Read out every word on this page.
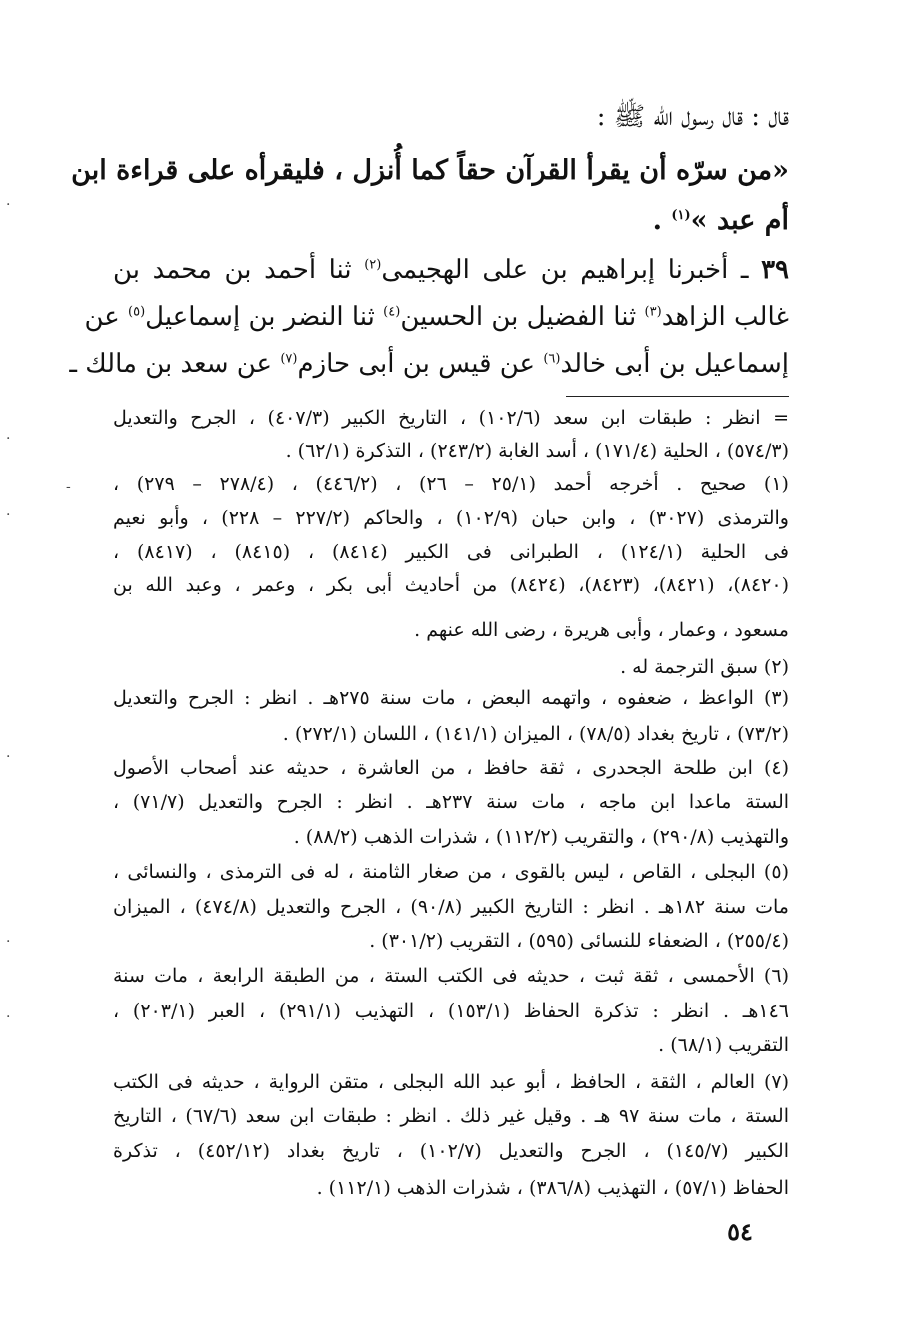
قال : قال رسول الله ﷺ :
«من سرّه أن يقرأ القرآن حقاً كما أُنزل ، فليقرأه على قراءة ابن
أم عبد »$^{(١)}$ .
٣٩ ـ أخبرنا إبراهيم بن على الهجيمى$^{(٢)}$ ثنا أحمد بن محمد بن
غالب الزاهد$^{(٣)}$ ثنا الفضيل بن الحسين$^{(٤)}$ ثنا النضر بن إسماعيل$^{(٥)}$ عن
إسماعيل بن أبى خالد$^{(٦)}$ عن قيس بن أبى حازم$^{(٧)}$ عن سعد بن مالك ـ
= انظر : طبقات ابن سعد (١٠٢/٦) ، التاريخ الكبير (٤٠٧/٣) ، الجرح والتعديل
(٥٧٤/٣) ، الحلية (١٧١/٤) ، أسد الغابة (٢٤٣/٢) ، التذكرة (٦٢/١) .
(١) صحيح . أخرجه أحمد (٢٥/١ – ٢٦) ، (٤٤٦/٢) ، (٢٧٨/٤ – ٢٧٩) ،
والترمذى (٣٠٢٧) ، وابن حبان (١٠٢/٩) ، والحاكم (٢٢٧/٢ – ٢٢٨) ، وأبو نعيم
فى الحلية (١٢٤/١) ، الطبرانى فى الكبير (٨٤١٤) ، (٨٤١٥) ، (٨٤١٧) ،
(٨٤٢٠)، (٨٤٢١)، (٨٤٢٣)، (٨٤٢٤) من أحاديث أبى بكر ، وعمر ، وعبد الله بن
مسعود ، وعمار ، وأبى هريرة ، رضى الله عنهم .
(٢) سبق الترجمة له .
(٣) الواعظ ، ضعفوه ، واتهمه البعض ، مات سنة ٢٧٥هـ . انظر : الجرح والتعديل
(٧٣/٢) ، تاريخ بغداد (٧٨/٥) ، الميزان (١٤١/١) ، اللسان (٢٧٢/١) .
(٤) ابن طلحة الجحدرى ، ثقة حافظ ، من العاشرة ، حديثه عند أصحاب الأصول
الستة ماعدا ابن ماجه ، مات سنة ٢٣٧هـ . انظر : الجرح والتعديل (٧١/٧) ،
والتهذيب (٢٩٠/٨) ، والتقريب (١١٢/٢) ، شذرات الذهب (٨٨/٢) .
(٥) البجلى ، القاص ، ليس بالقوى ، من صغار الثامنة ، له فى الترمذى ، والنسائى ،
مات سنة ١٨٢هـ . انظر : التاريخ الكبير (٩٠/٨) ، الجرح والتعديل (٤٧٤/٨) ، الميزان
(٢٥٥/٤) ، الضعفاء للنسائى (٥٩٥) ، التقريب (٣٠١/٢) .
(٦) الأحمسى ، ثقة ثبت ، حديثه فى الكتب الستة ، من الطبقة الرابعة ، مات سنة
١٤٦هـ . انظر : تذكرة الحفاظ (١٥٣/١) ، التهذيب (٢٩١/١) ، العبر (٢٠٣/١) ،
التقريب (٦٨/١) .
(٧) العالم ، الثقة ، الحافظ ، أبو عبد الله البجلى ، متقن الرواية ، حديثه فى الكتب
الستة ، مات سنة ٩٧ هـ . وقيل غير ذلك . انظر : طبقات ابن سعد (٦٧/٦) ، التاريخ
الكبير (١٤٥/٧) ، الجرح والتعديل (١٠٢/٧) ، تاريخ بغداد (٤٥٢/١٢) ، تذكرة
الحفاظ (٥٧/١) ، التهذيب (٣٨٦/٨) ، شذرات الذهب (١١٢/١) .
٥٤
·
·
-
·
·
·
·
